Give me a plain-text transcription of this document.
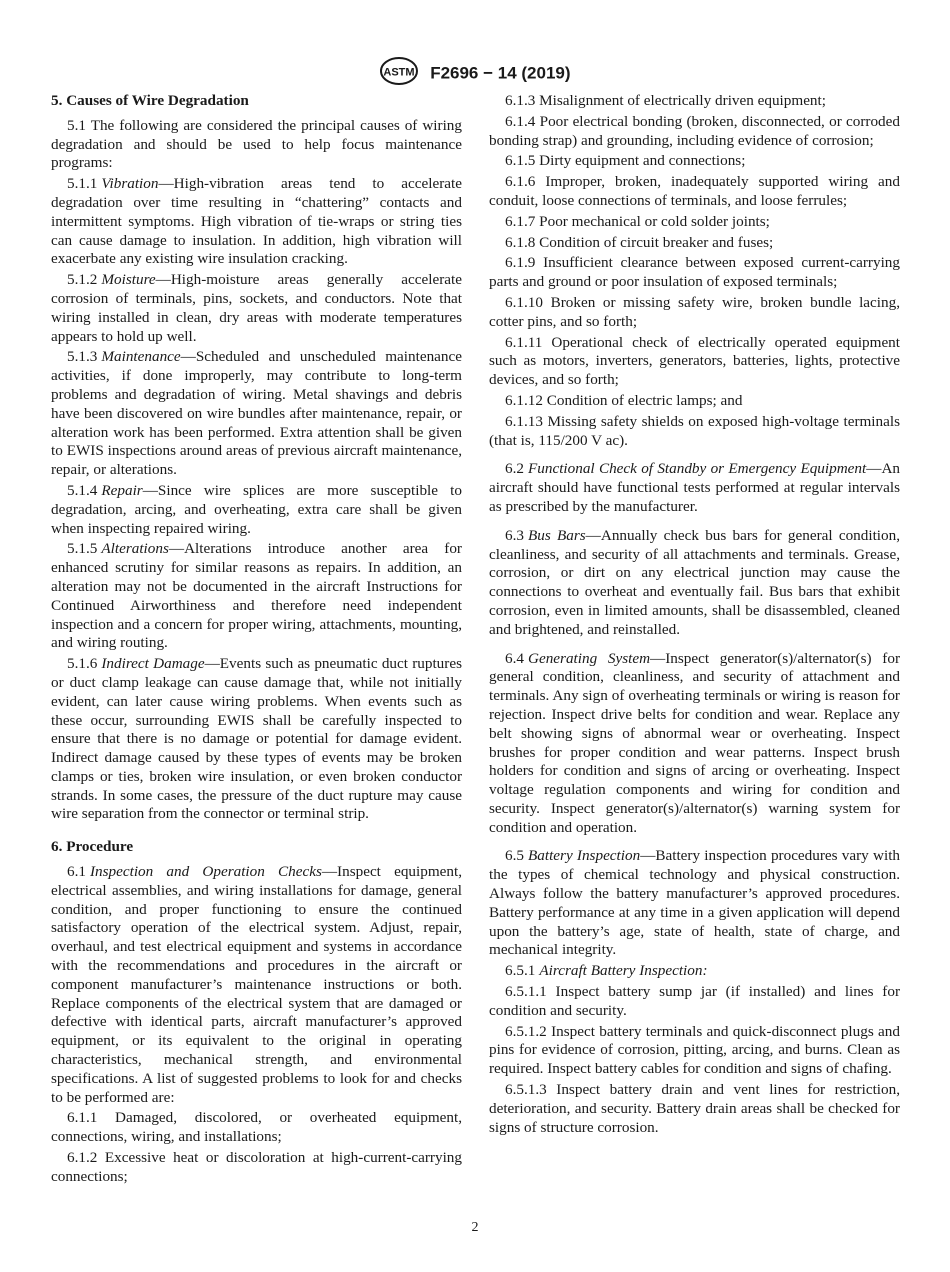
ASTM F2696 − 14 (2019)
5. Causes of Wire Degradation

5.1 The following are considered the principal causes of wiring degradation and should be used to help focus maintenance programs:

5.1.1 Vibration—High-vibration areas tend to accelerate degradation over time resulting in “chattering” contacts and intermittent symptoms. High vibration of tie-wraps or string ties can cause damage to insulation. In addition, high vibration will exacerbate any existing wire insulation cracking.

5.1.2 Moisture—High-moisture areas generally accelerate corrosion of terminals, pins, sockets, and conductors. Note that wiring installed in clean, dry areas with moderate temperatures appears to hold up well.

5.1.3 Maintenance—Scheduled and unscheduled maintenance activities, if done improperly, may contribute to long-term problems and degradation of wiring. Metal shavings and debris have been discovered on wire bundles after maintenance, repair, or alteration work has been performed. Extra attention shall be given to EWIS inspections around areas of previous aircraft maintenance, repair, or alterations.

5.1.4 Repair—Since wire splices are more susceptible to degradation, arcing, and overheating, extra care shall be given when inspecting repaired wiring.

5.1.5 Alterations—Alterations introduce another area for enhanced scrutiny for similar reasons as repairs. In addition, an alteration may not be documented in the aircraft Instructions for Continued Airworthiness and therefore need independent inspection and a concern for proper wiring, attachments, mounting, and wiring routing.

5.1.6 Indirect Damage—Events such as pneumatic duct ruptures or duct clamp leakage can cause damage that, while not initially evident, can later cause wiring problems. When events such as these occur, surrounding EWIS shall be carefully inspected to ensure that there is no damage or potential for damage evident. Indirect damage caused by these types of events may be broken clamps or ties, broken wire insulation, or even broken conductor strands. In some cases, the pressure of the duct rupture may cause wire separation from the connector or terminal strip.

6. Procedure

6.1 Inspection and Operation Checks—Inspect equipment, electrical assemblies, and wiring installations for damage, general condition, and proper functioning to ensure the continued satisfactory operation of the electrical system. Adjust, repair, overhaul, and test electrical equipment and systems in accordance with the recommendations and procedures in the aircraft or component manufacturer’s maintenance instructions or both. Replace components of the electrical system that are damaged or defective with identical parts, aircraft manufacturer’s approved equipment, or its equivalent to the original in operating characteristics, mechanical strength, and environmental specifications. A list of suggested problems to look for and checks to be performed are:

6.1.1 Damaged, discolored, or overheated equipment, connections, wiring, and installations;

6.1.2 Excessive heat or discoloration at high-current-carrying connections;

6.1.3 Misalignment of electrically driven equipment;

6.1.4 Poor electrical bonding (broken, disconnected, or corroded bonding strap) and grounding, including evidence of corrosion;

6.1.5 Dirty equipment and connections;

6.1.6 Improper, broken, inadequately supported wiring and conduit, loose connections of terminals, and loose ferrules;

6.1.7 Poor mechanical or cold solder joints;

6.1.8 Condition of circuit breaker and fuses;

6.1.9 Insufficient clearance between exposed current-carrying parts and ground or poor insulation of exposed terminals;

6.1.10 Broken or missing safety wire, broken bundle lacing, cotter pins, and so forth;

6.1.11 Operational check of electrically operated equipment such as motors, inverters, generators, batteries, lights, protective devices, and so forth;

6.1.12 Condition of electric lamps; and

6.1.13 Missing safety shields on exposed high-voltage terminals (that is, 115/200 V ac).

6.2 Functional Check of Standby or Emergency Equipment—An aircraft should have functional tests performed at regular intervals as prescribed by the manufacturer.

6.3 Bus Bars—Annually check bus bars for general condition, cleanliness, and security of all attachments and terminals. Grease, corrosion, or dirt on any electrical junction may cause the connections to overheat and eventually fail. Bus bars that exhibit corrosion, even in limited amounts, shall be disassembled, cleaned and brightened, and reinstalled.

6.4 Generating System—Inspect generator(s)/alternator(s) for general condition, cleanliness, and security of attachment and terminals. Any sign of overheating terminals or wiring is reason for rejection. Inspect drive belts for condition and wear. Replace any belt showing signs of abnormal wear or overheating. Inspect brushes for proper condition and wear patterns. Inspect brush holders for condition and signs of arcing or overheating. Inspect voltage regulation components and wiring for condition and security. Inspect generator(s)/alternator(s) warning system for condition and operation.

6.5 Battery Inspection—Battery inspection procedures vary with the types of chemical technology and physical construction. Always follow the battery manufacturer’s approved procedures. Battery performance at any time in a given application will depend upon the battery’s age, state of health, state of charge, and mechanical integrity.

6.5.1 Aircraft Battery Inspection:

6.5.1.1 Inspect battery sump jar (if installed) and lines for condition and security.

6.5.1.2 Inspect battery terminals and quick-disconnect plugs and pins for evidence of corrosion, pitting, arcing, and burns. Clean as required. Inspect battery cables for condition and signs of chafing.

6.5.1.3 Inspect battery drain and vent lines for restriction, deterioration, and security. Battery drain areas shall be checked for signs of structure corrosion.

2
